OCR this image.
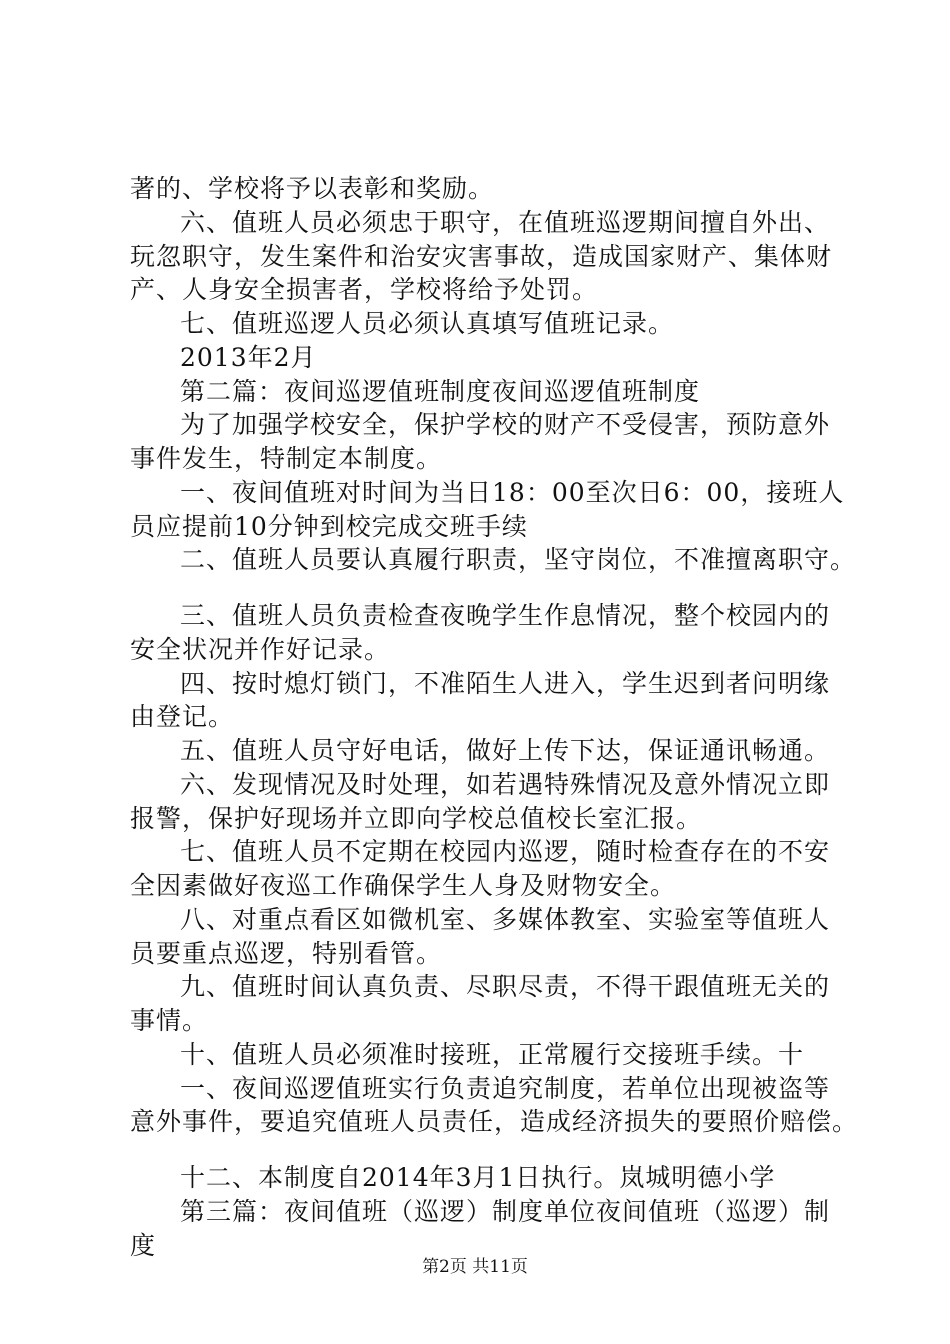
著的、学校将予以表彰和奖励。
六、值班人员必须忠于职守，在值班巡逻期间擅自外出、
玩忽职守，发生案件和治安灾害事故，造成国家财产、集体财
产、人身安全损害者，学校将给予处罚。
七、值班巡逻人员必须认真填写值班记录。
2013年2月
第二篇：夜间巡逻值班制度夜间巡逻值班制度
为了加强学校安全，保护学校的财产不受侵害，预防意外
事件发生，特制定本制度。
一、夜间值班对时间为当日18：00至次日6：00，接班人
员应提前10分钟到校完成交班手续
二、值班人员要认真履行职责，坚守岗位，不准擅离职守。
三、值班人员负责检查夜晚学生作息情况，整个校园内的
安全状况并作好记录。
四、按时熄灯锁门，不准陌生人进入，学生迟到者问明缘
由登记。
五、值班人员守好电话，做好上传下达，保证通讯畅通。
六、发现情况及时处理，如若遇特殊情况及意外情况立即
报警，保护好现场并立即向学校总值校长室汇报。
七、值班人员不定期在校园内巡逻，随时检查存在的不安
全因素做好夜巡工作确保学生人身及财物安全。
八、对重点看区如微机室、多媒体教室、实验室等值班人
员要重点巡逻，特别看管。
九、值班时间认真负责、尽职尽责，不得干跟值班无关的
事情。
十、值班人员必须准时接班，正常履行交接班手续。十
一、夜间巡逻值班实行负责追究制度，若单位出现被盗等
意外事件，要追究值班人员责任，造成经济损失的要照价赔偿。
十二、本制度自2014年3月1日执行。岚城明德小学
第三篇：夜间值班（巡逻）制度单位夜间值班（巡逻）制
度
第2页 共11页
